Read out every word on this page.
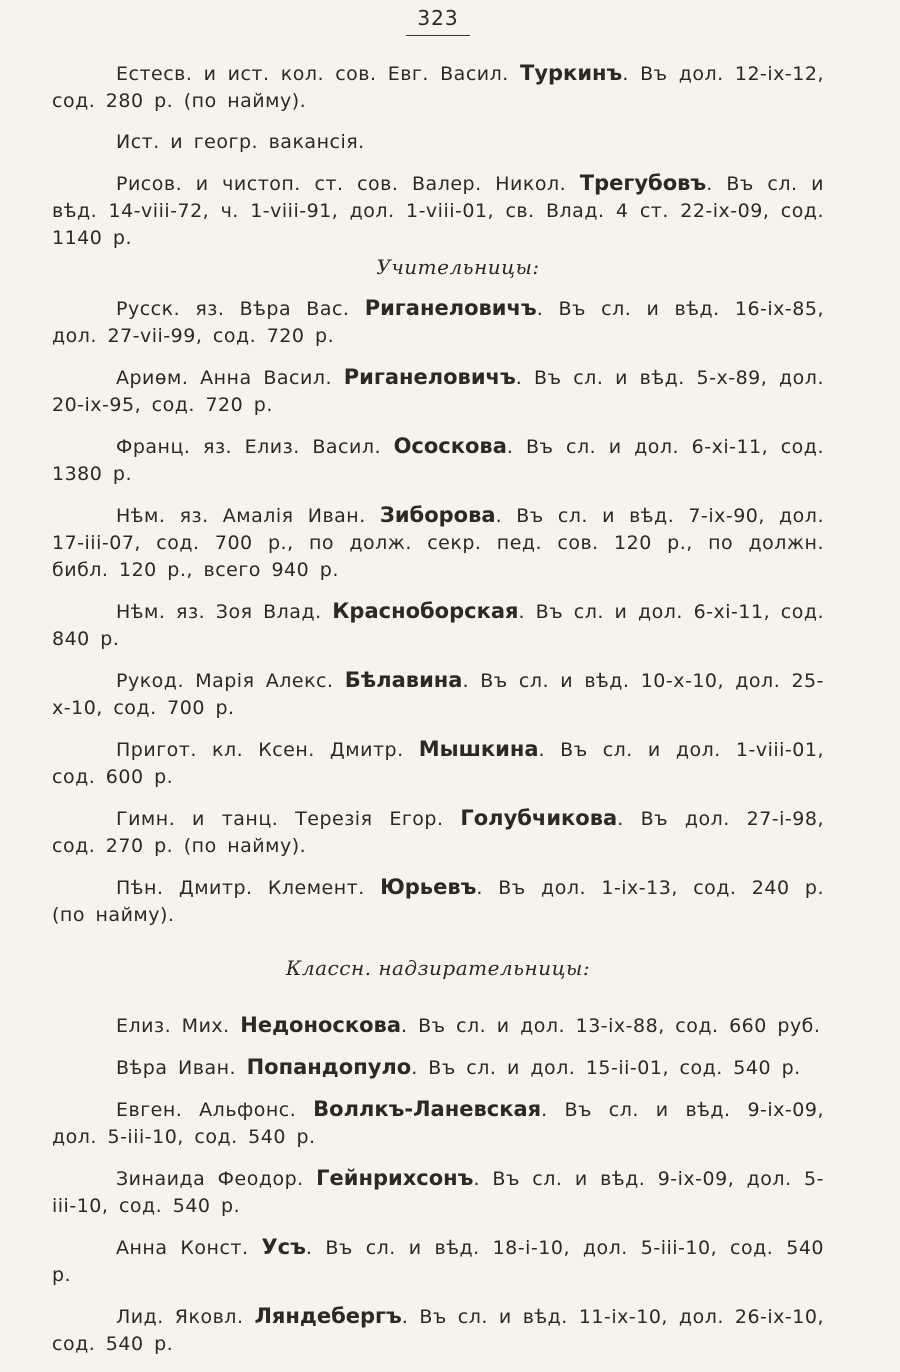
323
Естесв. и ист. кол. сов. Евг. Васил. Туркинъ. Въ дол. 12-ix-12, сод. 280 р. (по найму).
Ист. и геогр. вакансія.
Рисов. и чистоп. ст. сов. Валер. Никол. Трегубовъ. Въ сл. и вѣд. 14-viii-72, ч. 1-viii-91, дол. 1-viii-01, св. Влад. 4 ст. 22-ix-09, сод. 1140 р.
Учительницы:
Русск. яз. Вѣра Вас. Риганеловичъ. Въ сл. и вѣд. 16-ix-85, дол. 27-vii-99, сод. 720 р.
Ариѳм. Анна Васил. Риганеловичъ. Въ сл. и вѣд. 5-x-89, дол. 20-ix-95, сод. 720 р.
Франц. яз. Елиз. Васил. Ососкова. Въ сл. и дол. 6-xi-11, сод. 1380 р.
Нѣм. яз. Амалія Иван. Зиборова. Въ сл. и вѣд. 7-ix-90, дол. 17-iii-07, сод. 700 р., по долж. секр. пед. сов. 120 р., по должн. библ. 120 р., всего 940 р.
Нѣм. яз. Зоя Влад. Красноборская. Въ сл. и дол. 6-xi-11, сод. 840 р.
Рукод. Марія Алекс. Бѣлавина. Въ сл. и вѣд. 10-x-10, дол. 25-x-10, сод. 700 р.
Пригот. кл. Ксен. Дмитр. Мышкина. Въ сл. и дол. 1-viii-01, сод. 600 р.
Гимн. и танц. Терезія Егор. Голубчикова. Въ дол. 27-i-98, сод. 270 р. (по найму).
Пѣн. Дмитр. Клемент. Юрьевъ. Въ дол. 1-ix-13, сод. 240 р. (по найму).
Классн. надзирательницы:
Елиз. Мих. Недоноскова. Въ сл. и дол. 13-ix-88, сод. 660 руб.
Вѣра Иван. Попандопуло. Въ сл. и дол. 15-ii-01, сод. 540 р.
Евген. Альфонс. Воллкъ-Ланевская. Въ сл. и вѣд. 9-ix-09, дол. 5-iii-10, сод. 540 р.
Зинаида Феодор. Гейнрихсонъ. Въ сл. и вѣд. 9-ix-09, дол. 5-iii-10, сод. 540 р.
Анна Конст. Усъ. Въ сл. и вѣд. 18-i-10, дол. 5-iii-10, сод. 540 р.
Лид. Яковл. Ляндебергъ. Въ сл. и вѣд. 11-ix-10, дол. 26-ix-10, сод. 540 р.
